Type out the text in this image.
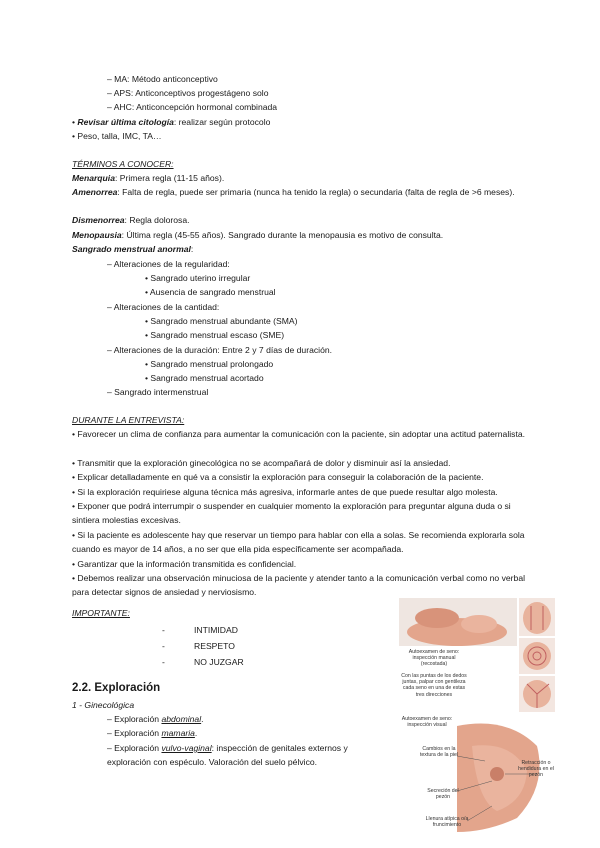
– MA: Método anticonceptivo
– APS: Anticonceptivos progestágeno solo
– AHC: Anticoncepción hormonal combinada
• Revisar última citología: realizar según protocolo
• Peso, talla, IMC, TA…
TÉRMINOS A CONOCER:
Menarquia: Primera regla (11-15 años).
Amenorrea: Falta de regla, puede ser primaria (nunca ha tenido la regla) o secundaria (falta de regla de >6 meses).
Dismenorrea: Regla dolorosa.
Menopausia: Última regla (45-55 años). Sangrado durante la menopausia es motivo de consulta.
Sangrado menstrual anormal:
– Alteraciones de la regularidad:
• Sangrado uterino irregular
• Ausencia de sangrado menstrual
– Alteraciones de la cantidad:
• Sangrado menstrual abundante (SMA)
• Sangrado menstrual escaso (SME)
– Alteraciones de la duración: Entre 2 y 7 días de duración.
• Sangrado menstrual prolongado
• Sangrado menstrual acortado
– Sangrado intermenstrual
DURANTE LA ENTREVISTA:
• Favorecer un clima de confianza para aumentar la comunicación con la paciente, sin adoptar una actitud paternalista.
• Transmitir que la exploración ginecológica no se acompañará de dolor y disminuir así la ansiedad.
• Explicar detalladamente en qué va a consistir la exploración para conseguir la colaboración de la paciente.
• Si la exploración requiriese alguna técnica más agresiva, informarle antes de que puede resultar algo molesta.
• Exponer que podrá interrumpir o suspender en cualquier momento la exploración para preguntar alguna duda o si sintiera molestias excesivas.
• Si la paciente es adolescente hay que reservar un tiempo para hablar con ella a solas. Se recomienda explorarla sola cuando es mayor de 14 años, a no ser que ella pida específicamente ser acompañada.
• Garantizar que la información transmitida es confidencial.
• Debemos realizar una observación minuciosa de la paciente y atender tanto a la comunicación verbal como no verbal para detectar signos de ansiedad y nerviosismo.
IMPORTANTE:
-	INTIMIDAD
-	RESPETO
-	NO JUZGAR
2.2. Exploración
1 - Ginecológica
– Exploración abdominal.
– Exploración mamaria.
– Exploración vulvo-vaginal: inspección de genitales externos y
exploración con espéculo. Valoración del suelo pélvico.
Autoexamen de seno: inspección manual (recostada)
Con las puntas de los dedos juntas, palpar con gentileza cada seno en una de estas tres direcciones
Autoexamen de seno: inspección visual
Cambios en la textura de la piel
Retracción o hendidura en el pezón
Secreción del pezón
Llenura atípica o/a fruncimiento
